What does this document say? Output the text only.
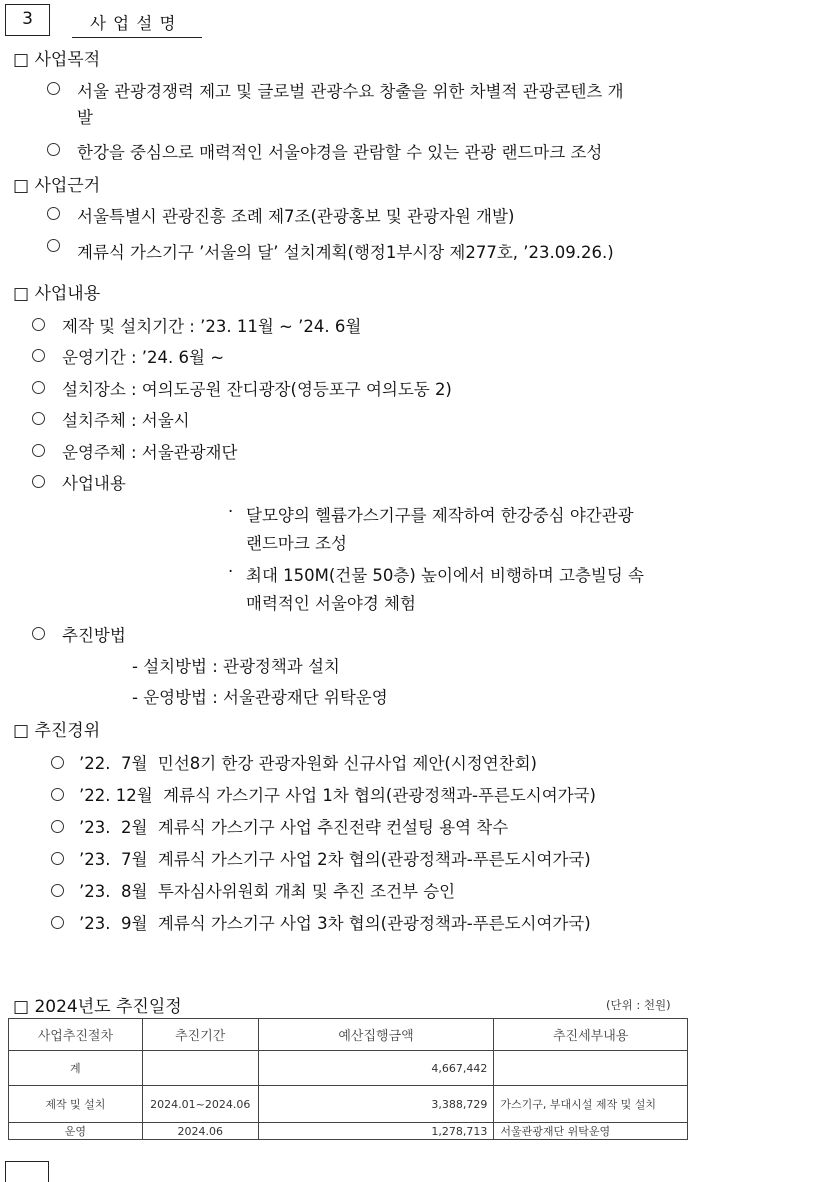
3	사 업 설 명
□ 사업목적
서울 관광경쟁력 제고 및 글로벌 관광수요 창출을 위한 차별적 관광콘텐츠 개
발
한강을 중심으로 매력적인 서울야경을 관람할 수 있는 관광 랜드마크 조성
□ 사업근거
서울특별시 관광진흥 조례 제7조(관광홍보 및 관광자원 개발)
계류식 가스기구 ’서울의 달’ 설치계획(행정1부시장 제277호, ’23.09.26.)
□ 사업내용
제작 및 설치기간 : ’23. 11월 ~ ’24. 6월
운영기간 : ’24. 6월 ~
설치장소 : 여의도공원 잔디광장(영등포구 여의도동 2)
설치주체 : 서울시
운영주체 : 서울관광재단
사업내용
· 달모양의 헬륨가스기구를 제작하여 한강중심 야간관광
랜드마크 조성
· 최대 150M(건물 50층) 높이에서 비행하며 고층빌딩 속
매력적인 서울야경 체험
추진방법
- 설치방법 : 관광정책과 설치
- 운영방법 : 서울관광재단 위탁운영
□ 추진경위
’22.  7월  민선8기 한강 관광자원화 신규사업 제안(시정연찬회)
’22. 12월  계류식 가스기구 사업 1차 협의(관광정책과-푸른도시여가국)
’23.  2월  계류식 가스기구 사업 추진전략 컨설팅 용역 착수
’23.  7월  계류식 가스기구 사업 2차 협의(관광정책과-푸른도시여가국)
’23.  8월  투자심사위원회 개최 및 추진 조건부 승인
’23.  9월  계류식 가스기구 사업 3차 협의(관광정책과-푸른도시여가국)
□ 2024년도 추진일정	(단위 : 천원)
사업추진절차	추진기간	예산집행금액	추진세부내용
계		4,667,442	
제작 및 설치	2024.01~2024.06	3,388,729	가스기구, 부대시설 제작 및 설치
운영	2024.06	1,278,713	서울관광재단 위탁운영
